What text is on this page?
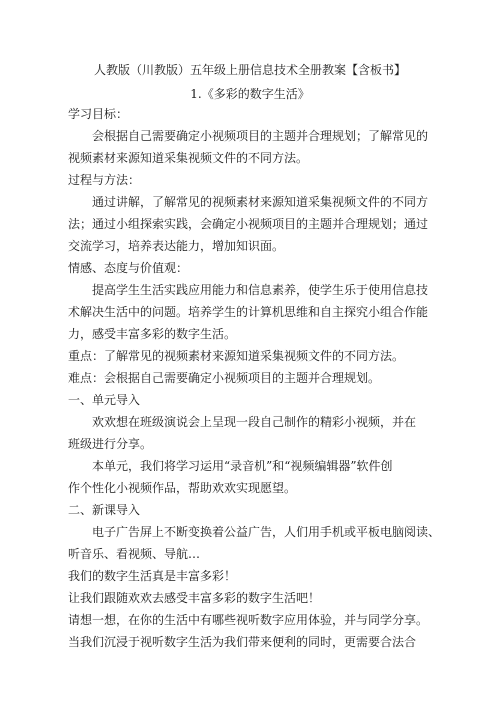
人教版（川教版）五年级上册信息技术全册教案【含板书】
1.《多彩的数字生活》
学习目标：
会根据自己需要确定小视频项目的主题并合理规划；了解常见的
视频素材来源知道采集视频文件的不同方法。
过程与方法：
通过讲解，了解常见的视频素材来源知道采集视频文件的不同方
法；通过小组探索实践，会确定小视频项目的主题并合理规划；通过
交流学习，培养表达能力，增加知识面。
情感、态度与价值观：
提高学生生活实践应用能力和信息素养，使学生乐于使用信息技
术解决生活中的问题。培养学生的计算机思维和自主探究小组合作能
力，感受丰富多彩的数字生活。
重点：了解常见的视频素材来源知道采集视频文件的不同方法。
难点：会根据自己需要确定小视频项目的主题并合理规划。
一、单元导入
欢欢想在班级演说会上呈现一段自己制作的精彩小视频，并在
班级进行分享。
本单元，我们将学习运用“录音机”和“视频编辑器”软件创
作个性化小视频作品，帮助欢欢实现愿望。
二、新课导入
电子广告屏上不断变换着公益广告，人们用手机或平板电脑阅读、
听音乐、看视频、导航…
我们的数字生活真是丰富多彩！
让我们跟随欢欢去感受丰富多彩的数字生活吧！
请想一想，在你的生活中有哪些视听数字应用体验，并与同学分享。
当我们沉浸于视听数字生活为我们带来便利的同时，更需要合法合
